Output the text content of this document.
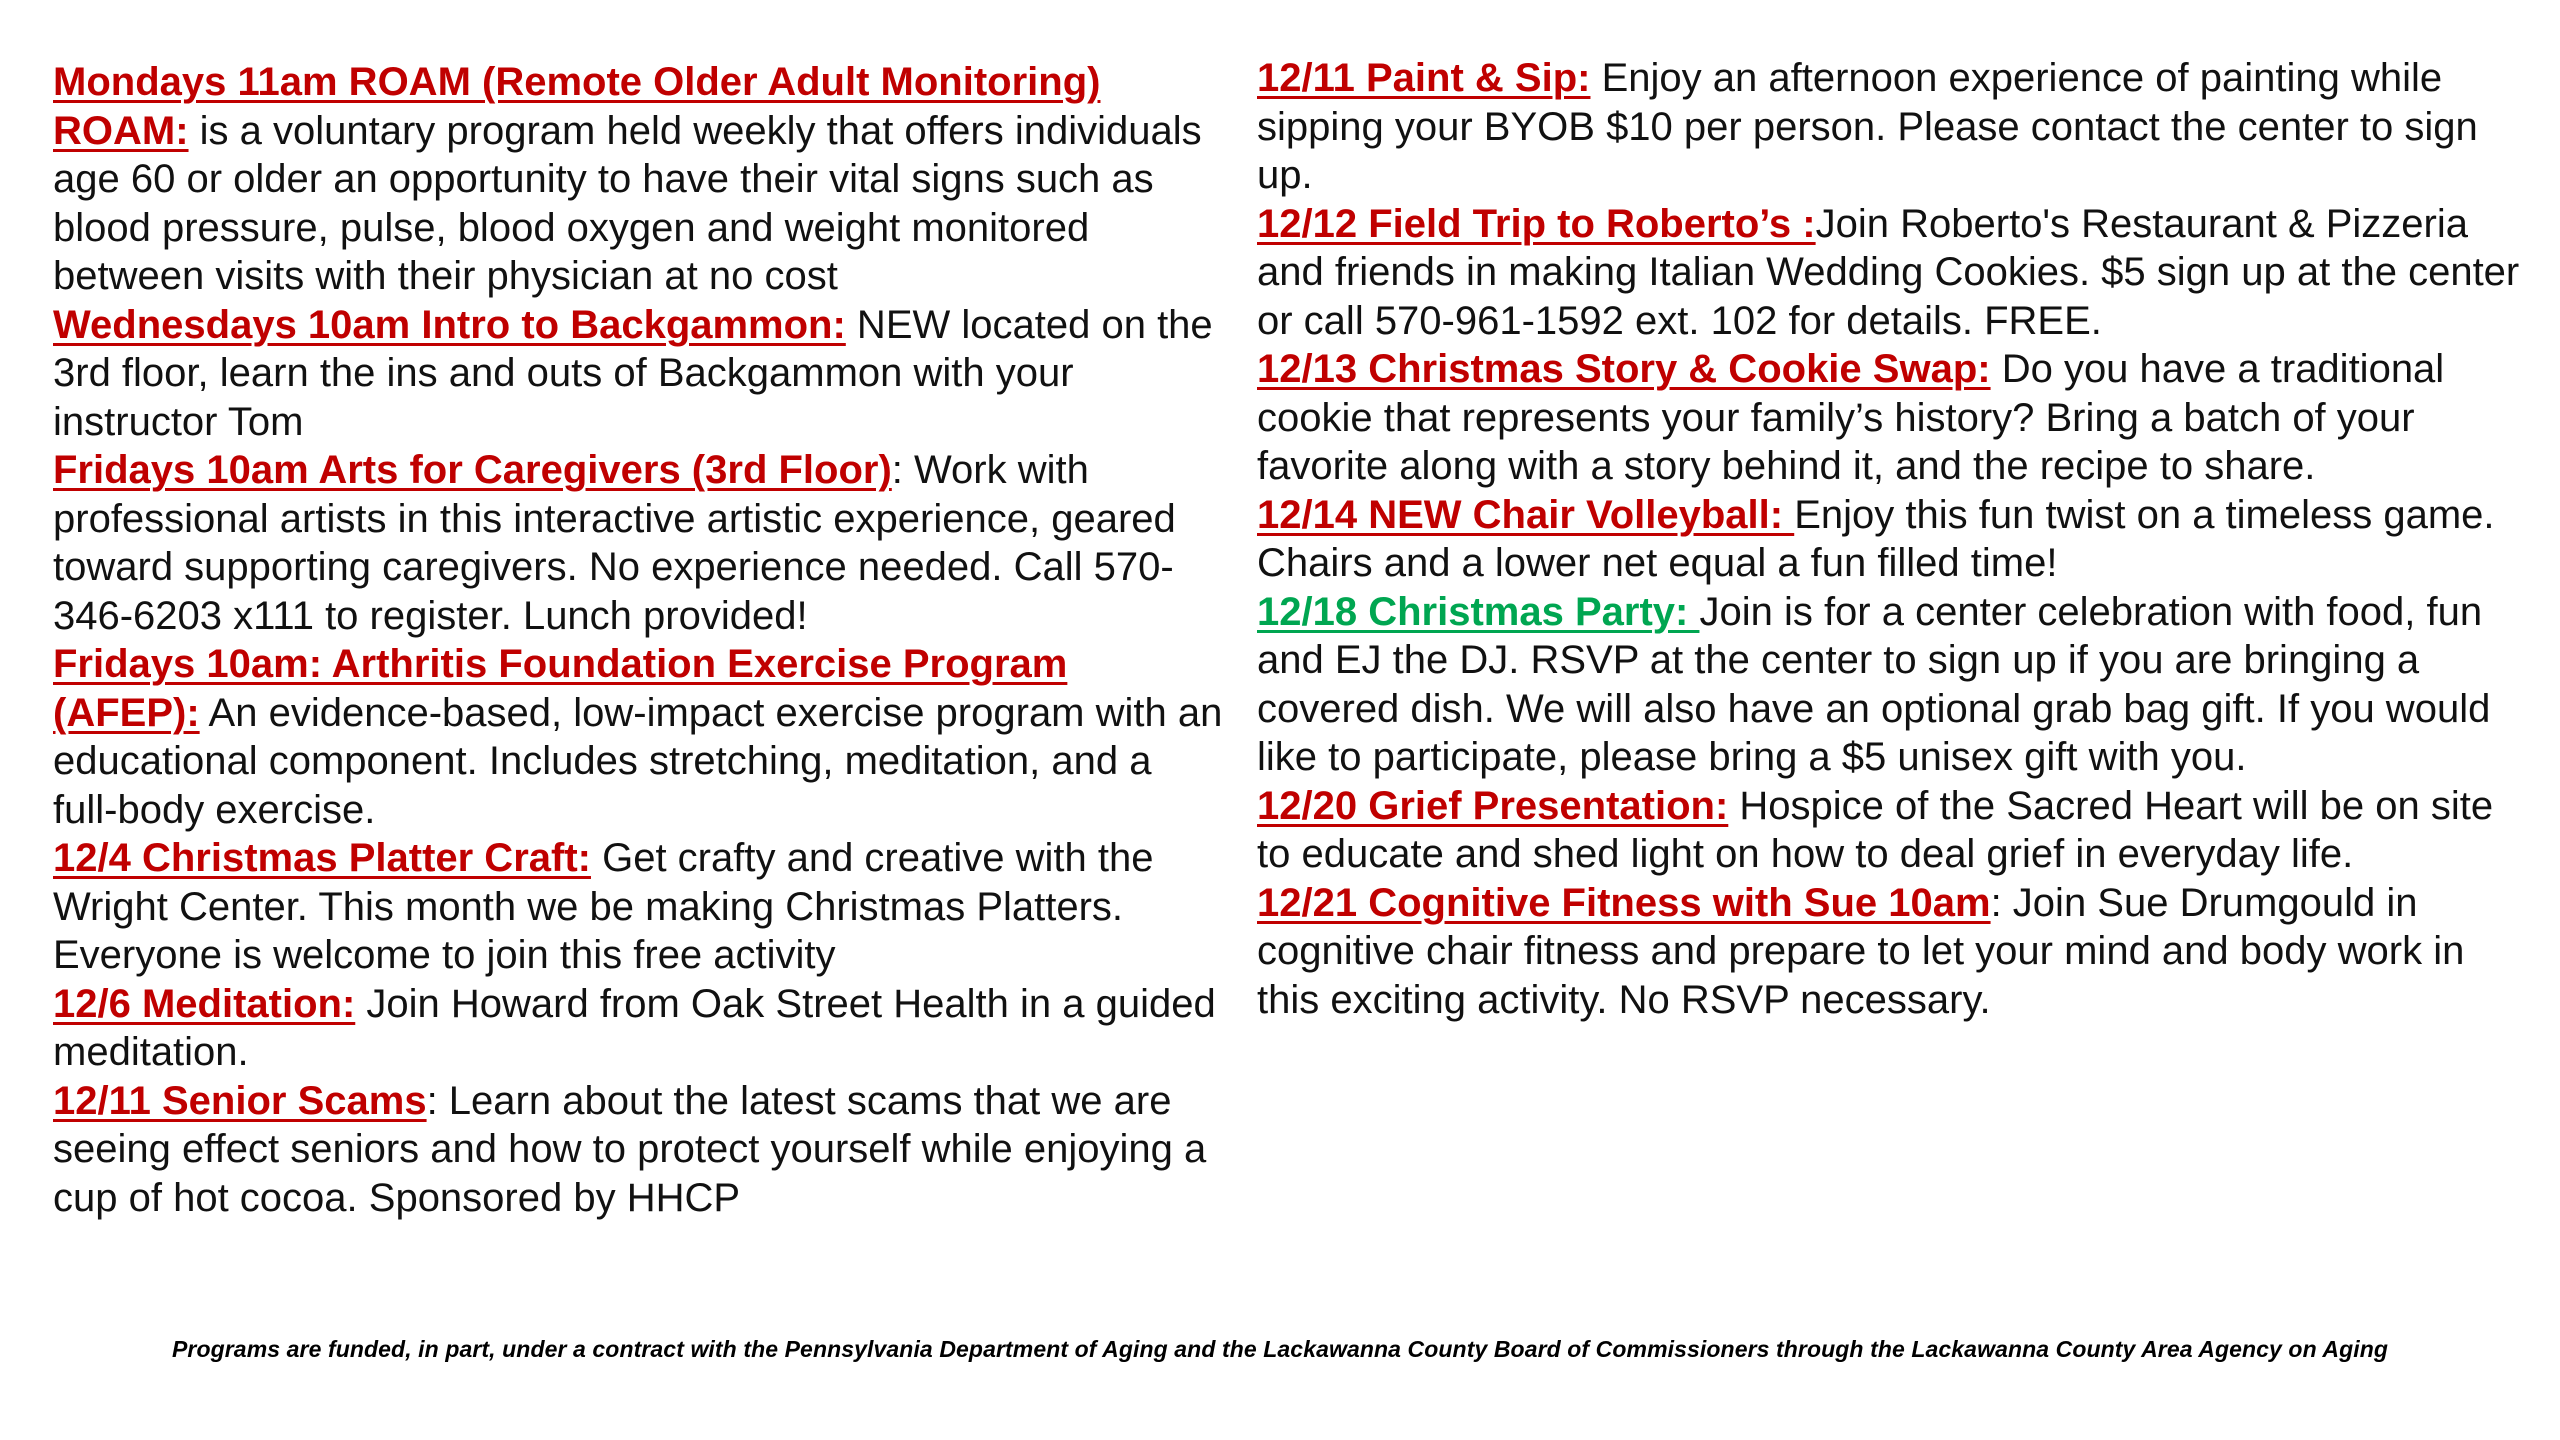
Mondays 11am ROAM (Remote Older Adult Monitoring) ROAM: is a voluntary program held weekly that offers individuals age 60 or older an opportunity to have their vital signs such as blood pressure, pulse, blood oxygen and weight monitored between visits with their physician at no cost

Wednesdays 10am Intro to Backgammon: NEW located on the 3rd floor, learn the ins and outs of Backgammon with your instructor Tom

Fridays 10am Arts for Caregivers (3rd Floor): Work with professional artists in this interactive artistic experience, geared toward supporting caregivers. No experience needed. Call 570-346-6203 x111 to register. Lunch provided!

Fridays 10am: Arthritis Foundation Exercise Program (AFEP): An evidence-based, low-impact exercise program with an educational component. Includes stretching, meditation, and a full-body exercise.

12/4 Christmas Platter Craft: Get crafty and creative with the Wright Center. This month we be making Christmas Platters. Everyone is welcome to join this free activity

12/6 Meditation: Join Howard from Oak Street Health in a guided meditation.

12/11 Senior Scams: Learn about the latest scams that we are seeing effect seniors and how to protect yourself while enjoying a cup of hot cocoa. Sponsored by HHCP

12/11 Paint & Sip: Enjoy an afternoon experience of painting while sipping your BYOB $10 per person. Please contact the center to sign up.

12/12 Field Trip to Roberto’s :Join Roberto's Restaurant & Pizzeria and friends in making Italian Wedding Cookies. $5 sign up at the center or call 570-961-1592 ext. 102 for details. FREE.

12/13 Christmas Story & Cookie Swap: Do you have a traditional cookie that represents your family’s history? Bring a batch of your favorite along with a story behind it, and the recipe to share.

12/14 NEW Chair Volleyball: Enjoy this fun twist on a timeless game. Chairs and a lower net equal a fun filled time!

12/18 Christmas Party: Join is for a center celebration with food, fun and EJ the DJ. RSVP at the center to sign up if you are bringing a covered dish. We will also have an optional grab bag gift. If you would like to participate, please bring a $5 unisex gift with you.

12/20 Grief Presentation: Hospice of the Sacred Heart will be on site to educate and shed light on how to deal grief in everyday life.

12/21 Cognitive Fitness with Sue 10am: Join Sue Drumgould in cognitive chair fitness and prepare to let your mind and body work in this exciting activity. No RSVP necessary.

Programs are funded, in part, under a contract with the Pennsylvania Department of Aging and the Lackawanna County Board of Commissioners through the Lackawanna County Area Agency on Aging
